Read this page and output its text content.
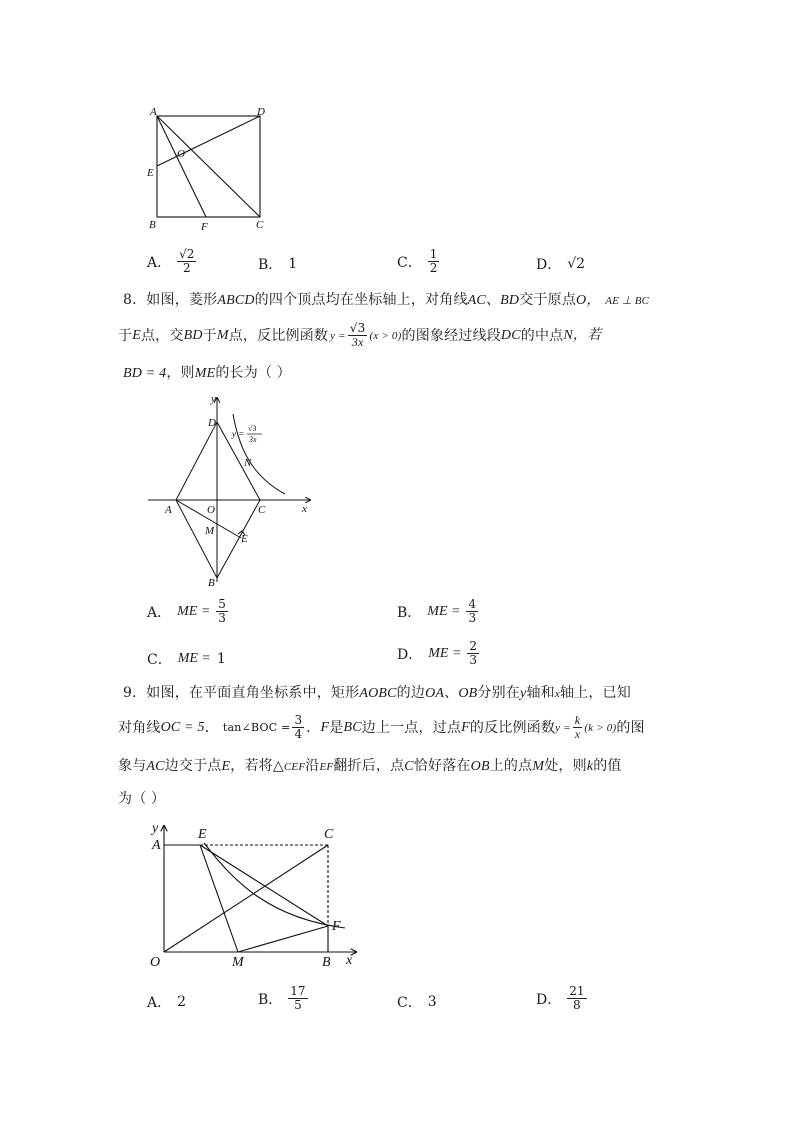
A	D
O
E
B	F	C
A． $\frac{√2}{2}$	B． 1	C． $\frac{1}{2}$	D． √2
8．如图，菱形ABCD的四个顶点均在坐标轴上，对角线AC、BD交于原点O， AE ⊥ BC
于 E 点，交 BD 于 M 点，反比例函数 $y = \frac{√3}{3x} (x > 0)$ 的图象经过线段 DC 的中点 N，若
BD = 4，则ME的长为（ ）
y
x
D
O
A	C
B
M
E
N
y =
√3
3x
A． ME = $\frac{5}{3}$	B． ME = $\frac{4}{3}$
C． ME = 1	D． ME = $\frac{2}{3}$
9．如图，在平面直角坐标系中，矩形AOBC的边OA、OB分别在y轴和x轴上，已知
对角线 OC = 5 ． tan∠BOC = $\frac{3}{4}$ ． F 是 BC 边上一点，过点 F 的反比例函数 $y = \frac{k}{x} (k > 0)$ 的图
象与AC边交于点E，若将△CEF沿EF翻折后，点C恰好落在OB上的点M处，则k的值
为（ ）
y
A
E	C
F
O	M	B x
A． 2	B． $\frac{17}{5}$	C． 3	D． $\frac{21}{8}$
